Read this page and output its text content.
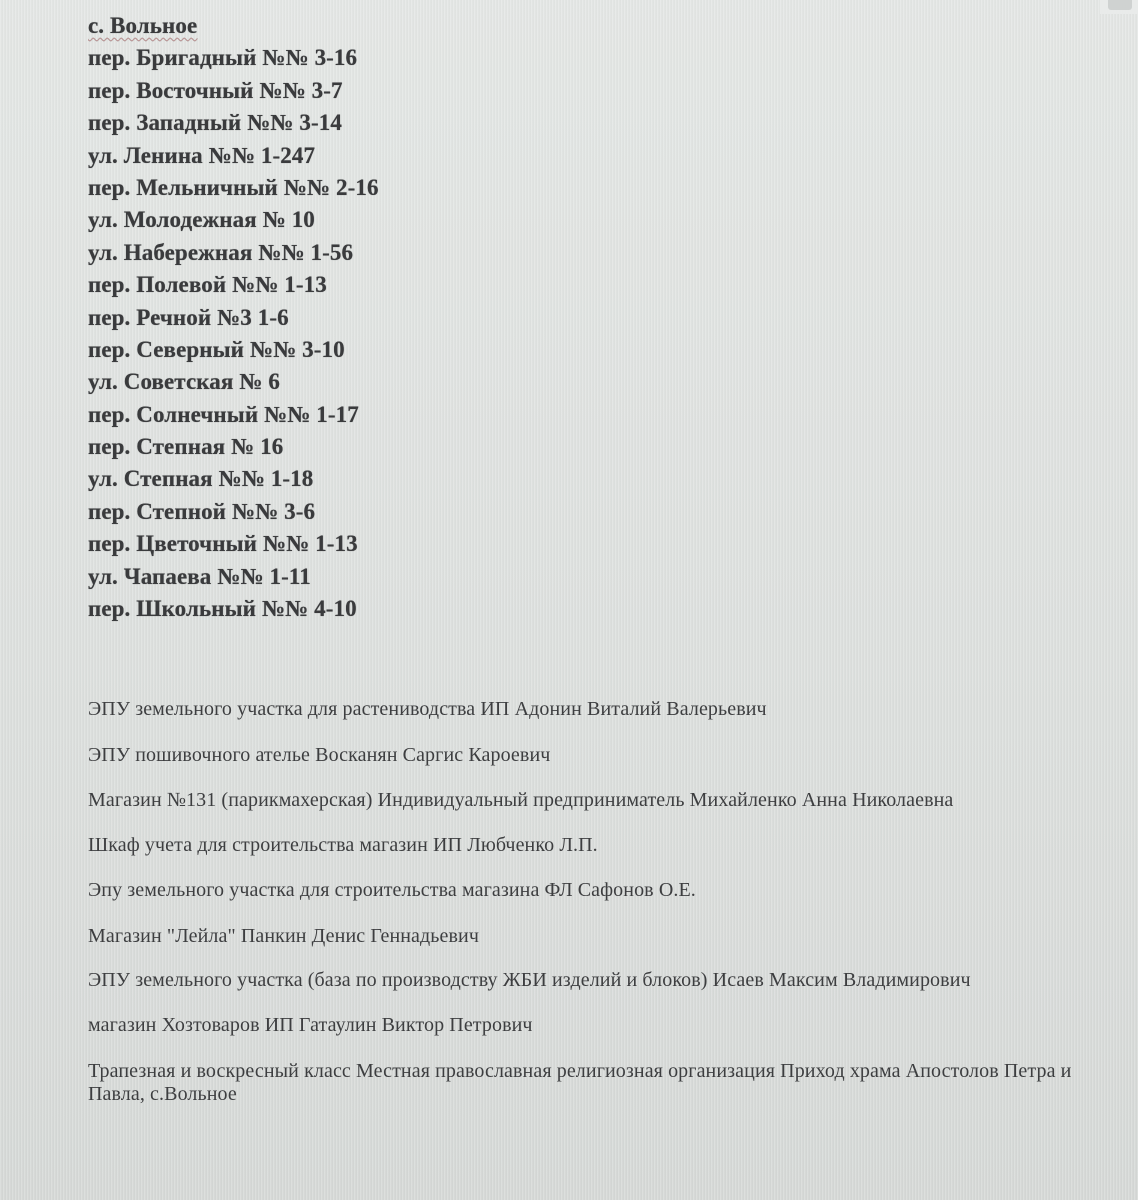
с. Вольное
пер. Бригадный №№ 3-16
пер. Восточный №№ 3-7
пер. Западный №№ 3-14
ул. Ленина №№ 1-247
пер. Мельничный №№ 2-16
ул. Молодежная № 10
ул. Набережная №№ 1-56
пер. Полевой №№ 1-13
пер. Речной №3 1-6
пер. Северный №№ 3-10
ул. Советская № 6
пер. Солнечный №№ 1-17
пер. Степная № 16
ул. Степная №№ 1-18
пер. Степной №№ 3-6
пер. Цветочный №№ 1-13
ул. Чапаева №№ 1-11
пер. Школьный №№ 4-10

ЭПУ земельного участка для растениводства ИП Адонин Виталий Валерьевич

ЭПУ пошивочного ателье Восканян Саргис Кароевич

Магазин №131 (парикмахерская) Индивидуальный предприниматель Михайленко Анна Николаевна

Шкаф учета для строительства магазин ИП Любченко Л.П.

Эпу земельного участка для строительства магазина ФЛ Сафонов О.Е.

Магазин "Лейла" Панкин Денис Геннадьевич

ЭПУ земельного участка (база по производству ЖБИ изделий и блоков) Исаев Максим Владимирович

магазин Хозтоваров ИП Гатаулин Виктор Петрович

Трапезная и воскресный класс Местная православная религиозная организация Приход храма Апостолов Петра и Павла, с.Вольное
